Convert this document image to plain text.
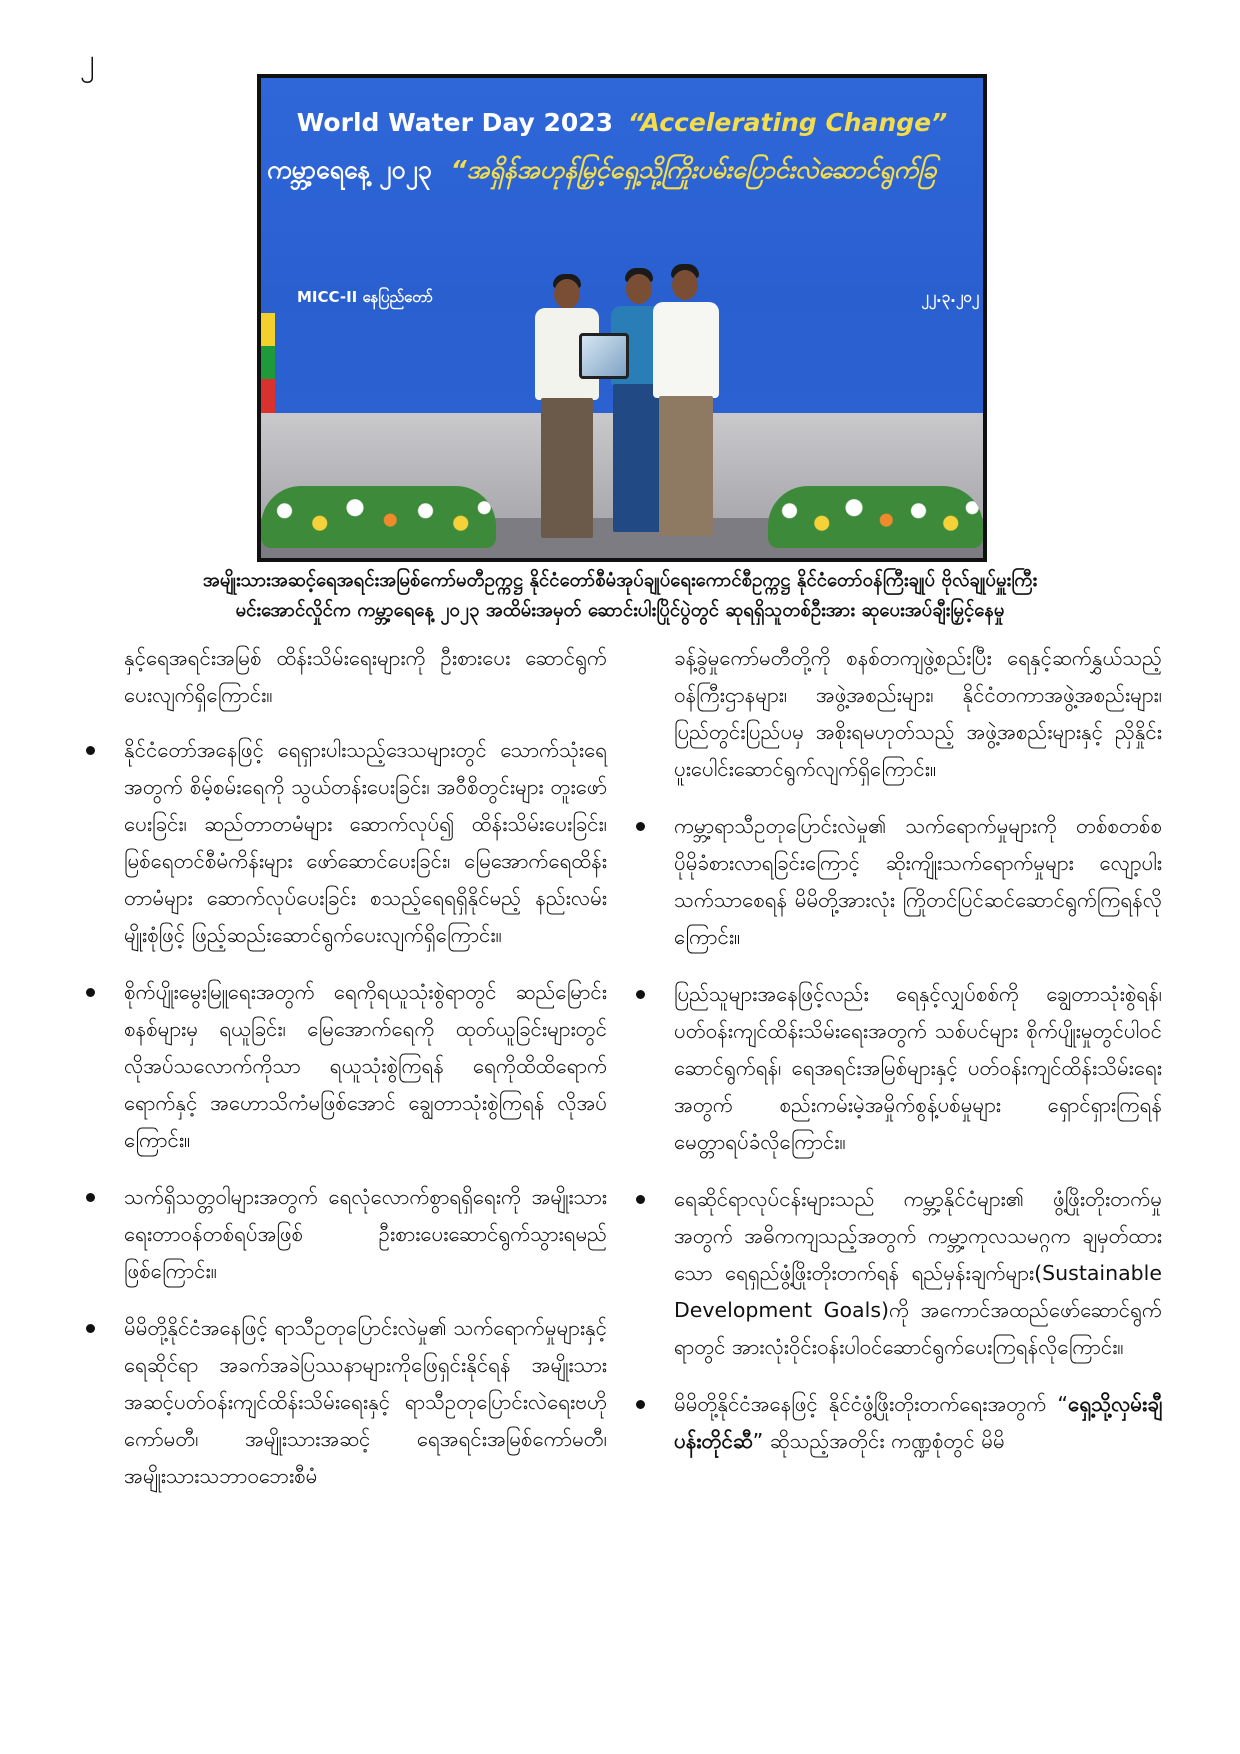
၂
World Water Day 2023 “Accelerating Change”
ကမ္ဘာ့ရေနေ့ ၂၀၂၃ “အရှိန်အဟုန်မြှင့်ရှေ့သို့ကြိုးပမ်းပြောင်းလဲဆောင်ရွက်ခြ
MICC-II နေပြည်တော်	၂၂.၃.၂၀၂
အမျိုးသားအဆင့်ရေအရင်းအမြစ်ကော်မတီဥက္ကဋ္ဌ နိုင်ငံတော်စီမံအုပ်ချုပ်ရေးကောင်စီဥက္ကဋ္ဌ နိုင်ငံတော်ဝန်ကြီးချုပ် ဗိုလ်ချုပ်မှူးကြီး
မင်းအောင်လှိုင်က ကမ္ဘာ့ရေနေ့ ၂၀၂၃ အထိမ်းအမှတ် ဆောင်းပါးပြိုင်ပွဲတွင် ဆုရရှိသူတစ်ဦးအား ဆုပေးအပ်ချီးမြှင့်နေမှု

နှင့်ရေအရင်းအမြစ် ထိန်းသိမ်းရေးများကို ဦးစားပေး ဆောင်ရွက်ပေးလျက်ရှိကြောင်း။

နိုင်ငံတော်အနေဖြင့် ရေရှားပါးသည့်ဒေသများတွင် သောက်သုံးရေအတွက် စိမ့်စမ်းရေကို သွယ်တန်းပေးခြင်း၊ အဝီစိတွင်းများ တူးဖော်ပေးခြင်း၊ ဆည်တာတမံများ ဆောက်လုပ်၍ ထိန်းသိမ်းပေးခြင်း၊ မြစ်ရေတင်စီမံကိန်းများ ဖော်ဆောင်ပေးခြင်း၊ မြေအောက်ရေထိန်းတာမံများ ဆောက်လုပ်ပေးခြင်း စသည့်ရေရရှိနိုင်မည့် နည်းလမ်းမျိုးစုံဖြင့် ဖြည့်ဆည်းဆောင်ရွက်ပေးလျက်ရှိကြောင်း။

စိုက်ပျိုးမွေးမြူရေးအတွက် ရေကိုရယူသုံးစွဲရာတွင် ဆည်မြောင်းစနစ်များမှ ရယူခြင်း၊ မြေအောက်ရေကို ထုတ်ယူခြင်းများတွင် လိုအပ်သလောက်ကိုသာ ရယူသုံးစွဲကြရန် ရေကိုထိထိရောက်ရောက်နှင့် အဟောသိကံမဖြစ်အောင် ချွေတာသုံးစွဲကြရန် လိုအပ်ကြောင်း။

သက်ရှိသတ္တဝါများအတွက် ရေလုံလောက်စွာရရှိရေးကို အမျိုးသားရေးတာဝန်တစ်ရပ်အဖြစ် ဦးစားပေးဆောင်ရွက်သွားရမည်ဖြစ်ကြောင်း။

မိမိတို့နိုင်ငံအနေဖြင့် ရာသီဥတုပြောင်းလဲမှု၏ သက်ရောက်မှုများနှင့် ရေဆိုင်ရာ အခက်အခဲပြဿနာများကိုဖြေရှင်းနိုင်ရန် အမျိုးသားအဆင့်ပတ်ဝန်းကျင်ထိန်းသိမ်းရေးနှင့် ရာသီဥတုပြောင်းလဲရေးဗဟိုကော်မတီ၊ အမျိုးသားအဆင့် ရေအရင်းအမြစ်ကော်မတီ၊ အမျိုးသားသဘာဝဘေးစီမံ

ခန့်ခွဲမှုကော်မတီတို့ကို စနစ်တကျဖွဲ့စည်းပြီး ရေနှင့်ဆက်နွှယ်သည့် ဝန်ကြီးဌာနများ၊ အဖွဲ့အစည်းများ၊ နိုင်ငံတကာအဖွဲ့အစည်းများ၊ ပြည်တွင်းပြည်ပမှ အစိုးရမဟုတ်သည့် အဖွဲ့အစည်းများနှင့် ညှိနှိုင်းပူးပေါင်းဆောင်ရွက်လျက်ရှိကြောင်း။

ကမ္ဘာ့ရာသီဥတုပြောင်းလဲမှု၏ သက်ရောက်မှုများကို တစ်စတစ်စ ပိုမိုခံစားလာရခြင်းကြောင့် ဆိုးကျိုးသက်ရောက်မှုများ လျော့ပါးသက်သာစေရန် မိမိတို့အားလုံး ကြိုတင်ပြင်ဆင်ဆောင်ရွက်ကြရန်လိုကြောင်း။

ပြည်သူများအနေဖြင့်လည်း ရေနှင့်လျှပ်စစ်ကို ချွေတာသုံးစွဲရန်၊ ပတ်ဝန်းကျင်ထိန်းသိမ်းရေးအတွက် သစ်ပင်များ စိုက်ပျိုးမှုတွင်ပါဝင်ဆောင်ရွက်ရန်၊ ရေအရင်းအမြစ်များနှင့် ပတ်ဝန်းကျင်ထိန်းသိမ်းရေးအတွက် စည်းကမ်းမဲ့အမှိုက်စွန့်ပစ်မှုများ ရှောင်ရှားကြရန် မေတ္တာရပ်ခံလိုကြောင်း။

ရေဆိုင်ရာလုပ်ငန်းများသည် ကမ္ဘာ့နိုင်ငံများ၏ ဖွံ့ဖြိုးတိုးတက်မှုအတွက် အဓိကကျသည့်အတွက် ကမ္ဘာ့ကုလသမဂ္ဂက ချမှတ်ထားသော ရေရှည်ဖွံ့ဖြိုးတိုးတက်ရန် ရည်မှန်းချက်များ(Sustainable Development Goals)ကို အကောင်အထည်ဖော်ဆောင်ရွက်ရာတွင် အားလုံးဝိုင်းဝန်းပါဝင်ဆောင်ရွက်ပေးကြရန်လိုကြောင်း။

မိမိတို့နိုင်ငံအနေဖြင့် နိုင်ငံဖွံ့ဖြိုးတိုးတက်ရေးအတွက် “ရှေ့သို့လှမ်းချီ ပန်းတိုင်ဆီ” ဆိုသည့်အတိုင်း ကဏ္ဍစုံတွင် မိမိ
